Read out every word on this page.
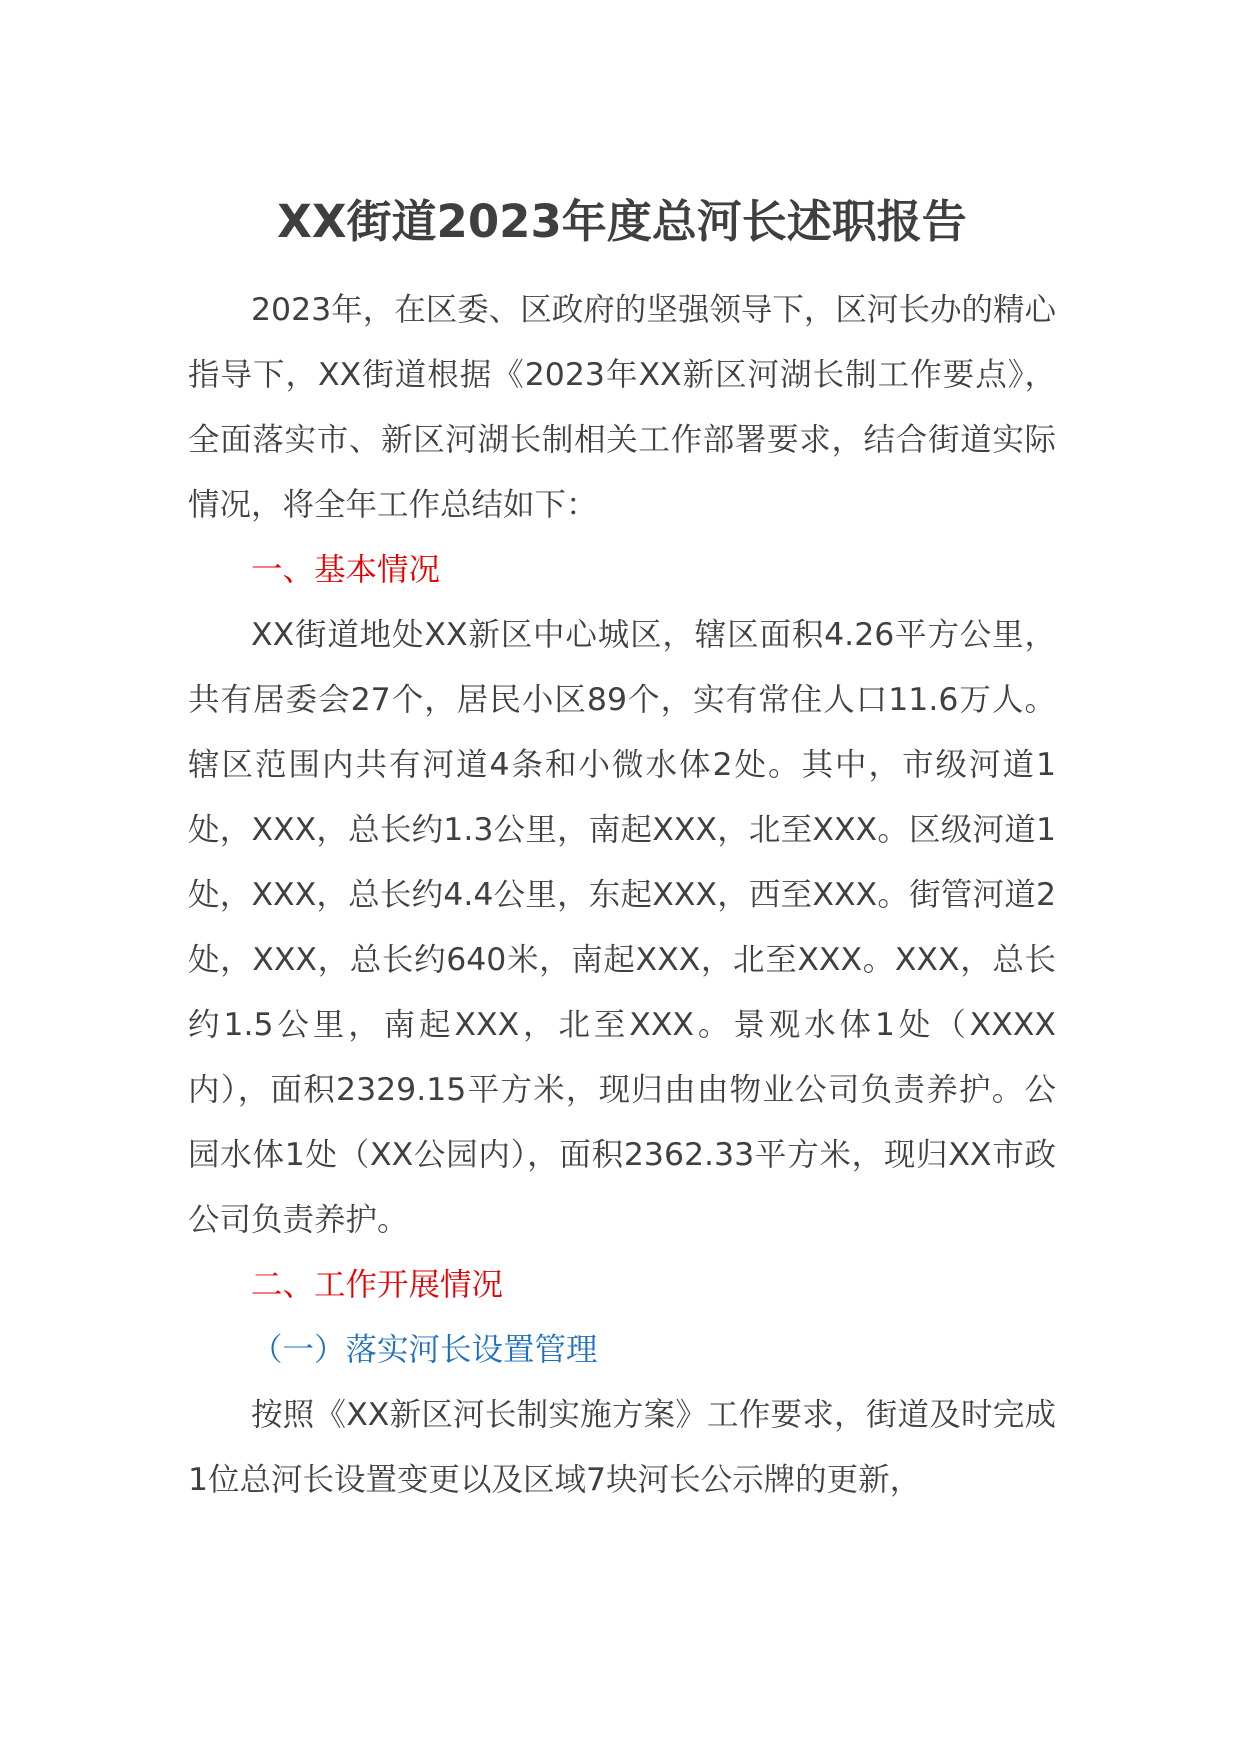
XX街道2023年度总河长述职报告

2023年，在区委、区政府的坚强领导下，区河长办的精心指导下，XX街道根据《2023年XX新区河湖长制工作要点》，全面落实市、新区河湖长制相关工作部署要求，结合街道实际情况，将全年工作总结如下：

一、基本情况

XX街道地处XX新区中心城区，辖区面积4.26平方公里，共有居委会27个，居民小区89个，实有常住人口11.6万人。辖区范围内共有河道4条和小微水体2处。其中，市级河道1处，XXX，总长约1.3公里，南起XXX，北至XXX。区级河道1处，XXX，总长约4.4公里，东起XXX，西至XXX。街管河道2处，XXX，总长约640米，南起XXX，北至XXX。XXX，总长约1.5公里，南起XXX，北至XXX。景观水体1处（XXXX内），面积2329.15平方米，现归由由物业公司负责养护。公园水体1处（XX公园内），面积2362.33平方米，现归XX市政公司负责养护。

二、工作开展情况

（一）落实河长设置管理

按照《XX新区河长制实施方案》工作要求，街道及时完成1位总河长设置变更以及区域7块河长公示牌的更新，
